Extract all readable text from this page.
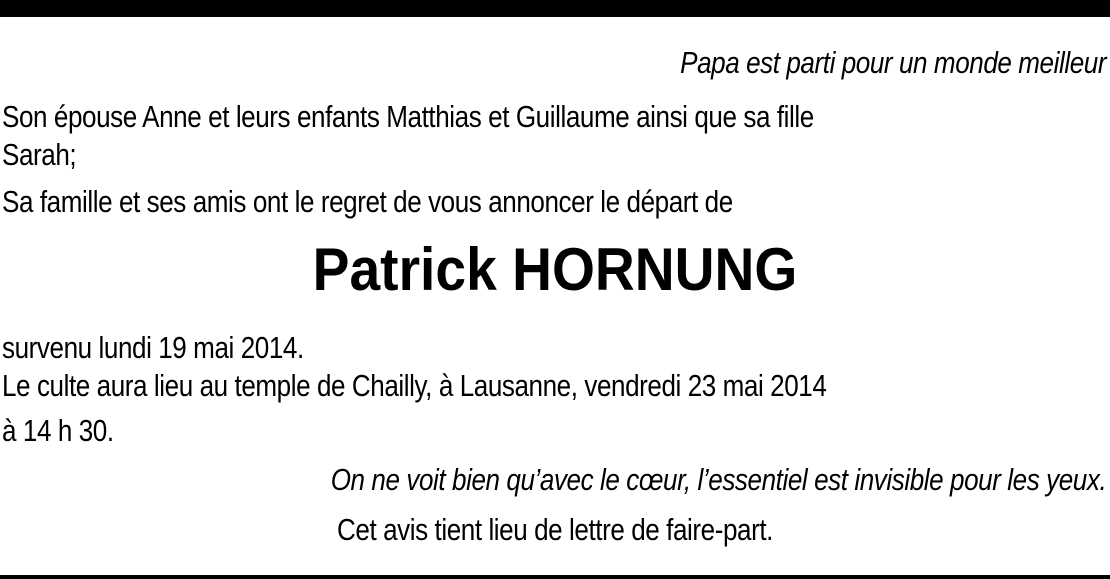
Papa est parti pour un monde meilleur

Son épouse Anne et leurs enfants Matthias et Guillaume ainsi que sa fille

Sarah;

Sa famille et ses amis ont le regret de vous annoncer le départ de

Patrick HORNUNG

survenu lundi 19 mai 2014.

Le culte aura lieu au temple de Chailly, à Lausanne, vendredi 23 mai 2014

à 14 h 30.

On ne voit bien qu’avec le cœur, l’essentiel est invisible pour les yeux.

Cet avis tient lieu de lettre de faire-part.
